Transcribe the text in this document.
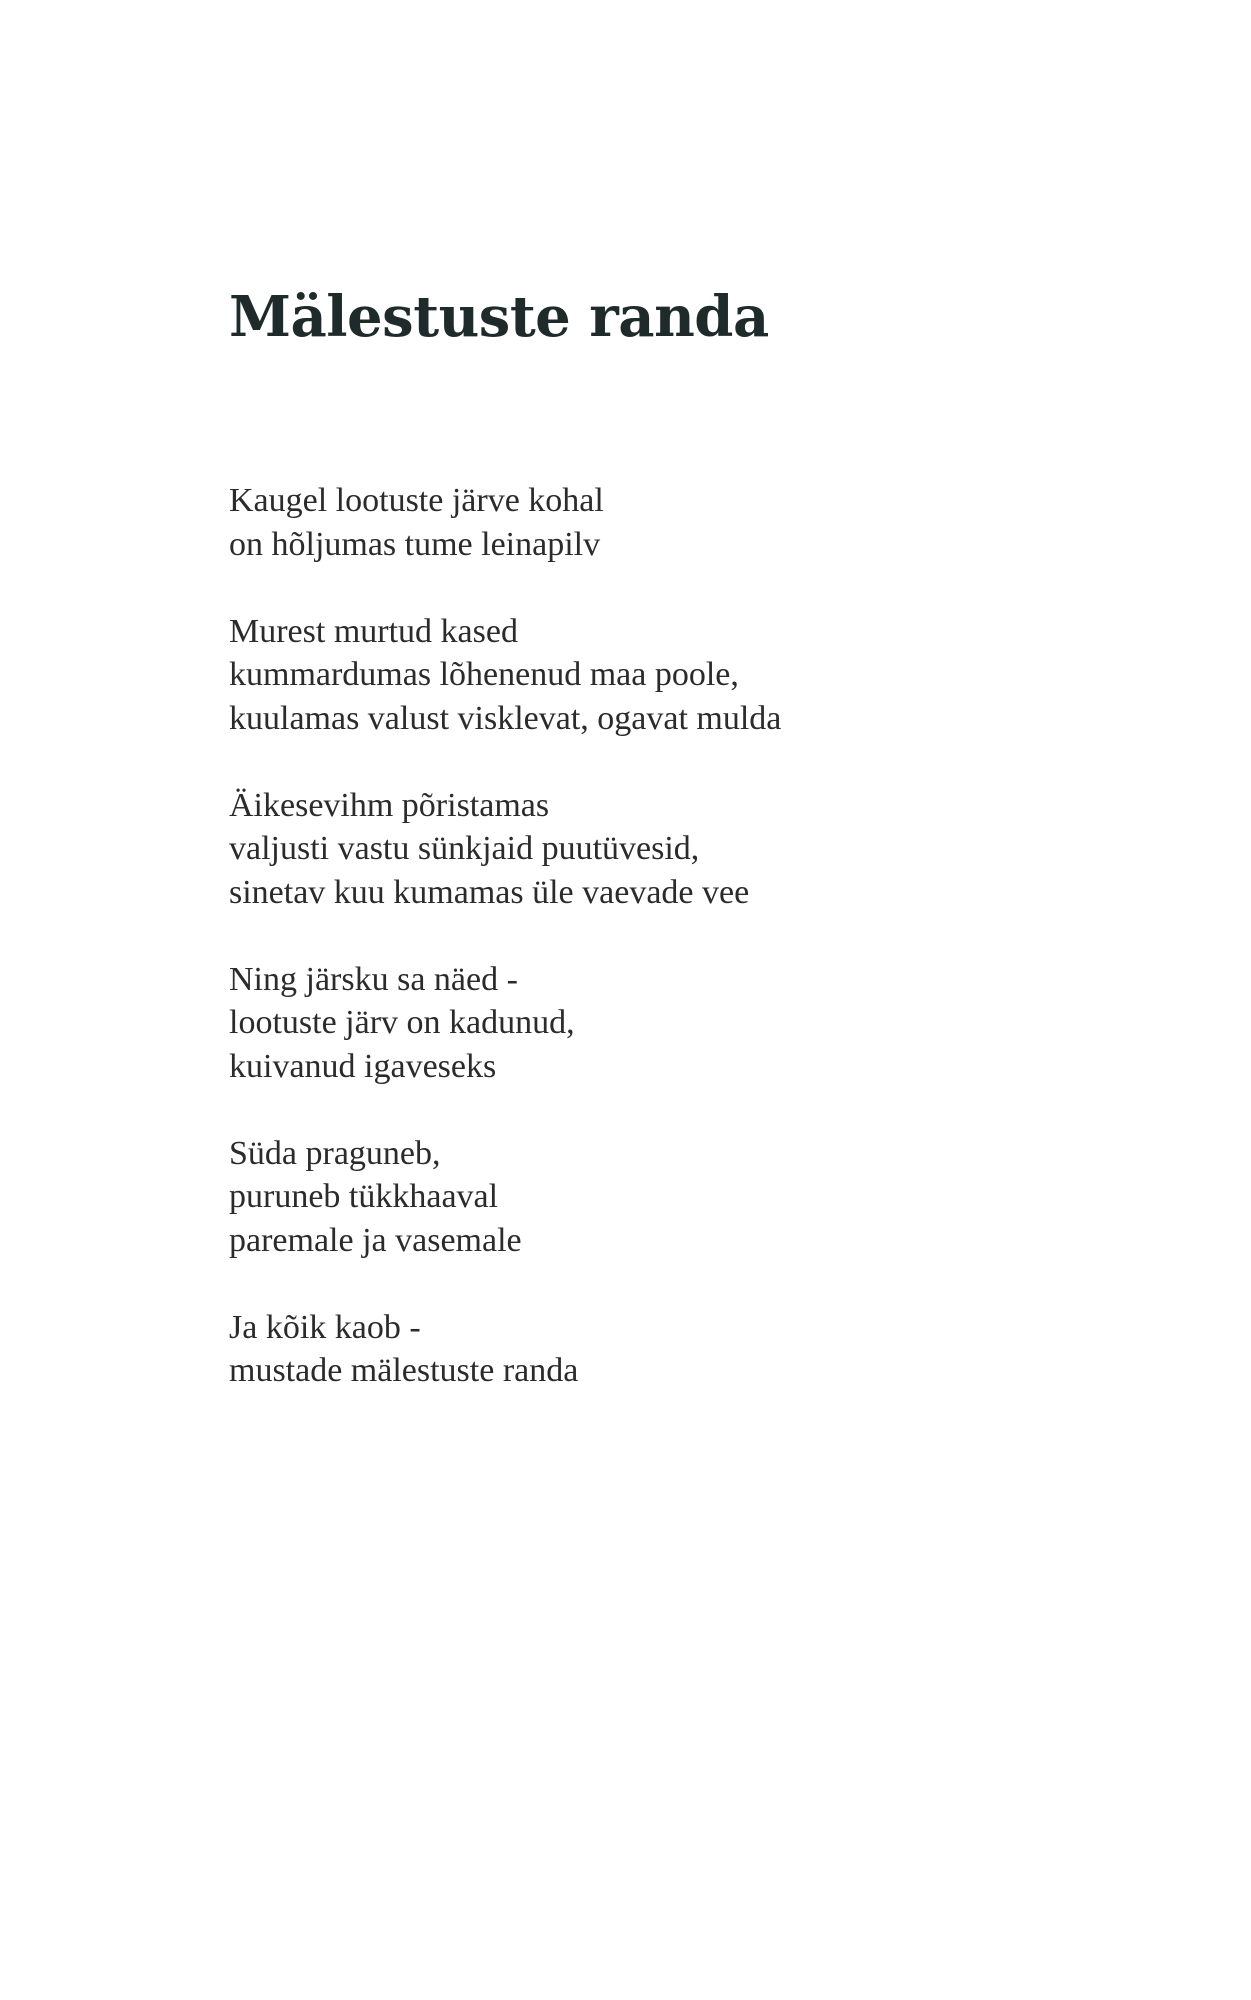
Mälestuste randa
Kaugel lootuste järve kohal
on hõljumas tume leinapilv
Murest murtud kased
kummardumas lõhenenud maa poole,
kuulamas valust visklevat, ogavat mulda
Äikesevihm põristamas
valjusti vastu sünkjaid puutüvesid,
sinetav kuu kumamas üle vaevade vee
Ning järsku sa näed -
lootuste järv on kadunud,
kuivanud igaveseks
Süda praguneb,
puruneb tükkhaaval
paremale ja vasemale
Ja kõik kaob -
mustade mälestuste randa
